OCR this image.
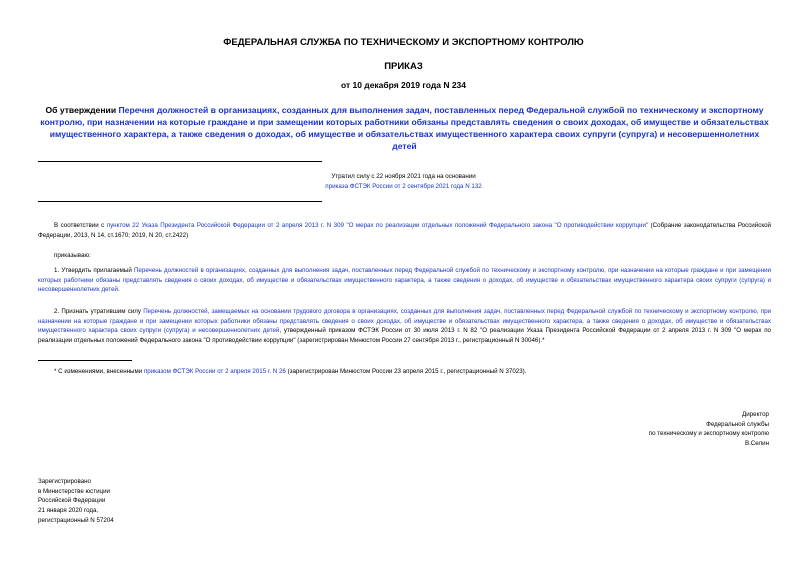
ФЕДЕРАЛЬНАЯ СЛУЖБА ПО ТЕХНИЧЕСКОМУ И ЭКСПОРТНОМУ КОНТРОЛЮ
ПРИКАЗ
от 10 декабря 2019 года N 234
Об утверждении Перечня должностей в организациях, созданных для выполнения задач, поставленных перед Федеральной службой по техническому и экспортному контролю, при назначении на которые граждане и при замещении которых работники обязаны представлять сведения о своих доходах, об имуществе и обязательствах имущественного характера, а также сведения о доходах, об имуществе и обязательствах имущественного характера своих супруги (супруга) и несовершеннолетних детей
Утратил силу с 22 ноября 2021 года на основании
приказа ФСТЭК России от 2 сентября 2021 года N 132
В соответствии с пунктом 22 Указа Президента Российской Федерации от 2 апреля 2013 г. N 309 "О мерах по реализации отдельных положений Федерального закона "О противодействии коррупции" (Собрание законодательства Российской Федерации, 2013, N 14, ст.1670; 2019, N 20, ст.2422)
приказываю:
1. Утвердить прилагаемый Перечень должностей в организациях, созданных для выполнения задач, поставленных перед Федеральной службой по техническому и экспортному контролю, при назначении на которые граждане и при замещении которых работники обязаны представлять сведения о своих доходах, об имуществе и обязательствах имущественного характера, а также сведения о доходах, об имуществе и обязательствах имущественного характера своих супруги (супруга) и несовершеннолетних детей.
2. Признать утратившим силу Перечень должностей, замещаемых на основании трудового договора в организациях, созданных для выполнения задач, поставленных перед Федеральной службой по техническому и экспортному контролю, при назначении на которые граждане и при замещении которых работники обязаны представлять сведения о своих доходах, об имуществе и обязательствах имущественного характера, а также сведения о доходах, об имуществе и обязательствах имущественного характера своих супруги (супруга) и несовершеннолетних детей, утвержденный приказом ФСТЭК России от 30 июля 2013 г. N 82 "О реализации Указа Президента Российской Федерации от 2 апреля 2013 г. N 309 "О мерах по реализации отдельных положений Федерального закона "О противодействии коррупции" (зарегистрирован Минюстом России 27 сентября 2013 г., регистрационный N 30046).*
* С изменениями, внесенными приказом ФСТЭК России от 2 апреля 2015 г. N 26 (зарегистрирован Минюстом России 23 апреля 2015 г., регистрационный N 37023).
Директор
Федеральной службы
по техническому и экспортному контролю
В.Селин
Зарегистрировано
в Министерстве юстиции
Российской Федерации
21 января 2020 года,
регистрационный N 57204
